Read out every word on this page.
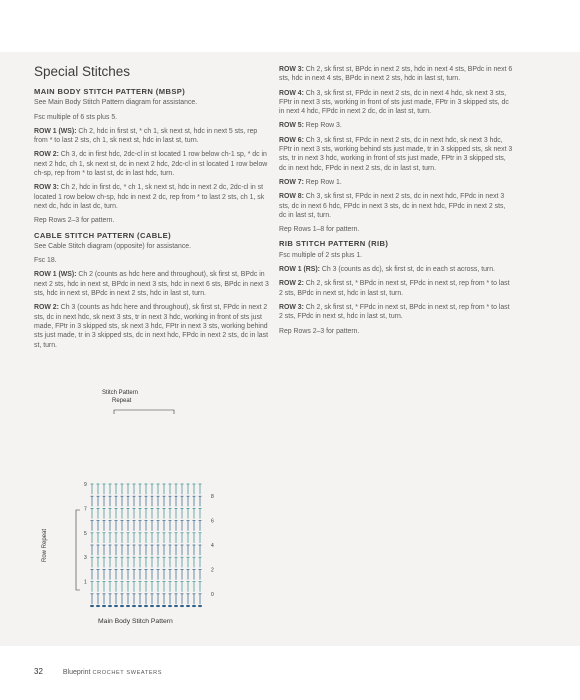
Special Stitches
MAIN BODY STITCH PATTERN (MBSP)
See Main Body Stitch Pattern diagram for assistance.
Fsc multiple of 6 sts plus 5.
ROW 1 (WS): Ch 2, hdc in first st, * ch 1, sk next st, hdc in next 5 sts, rep from * to last 2 sts, ch 1, sk next st, hdc in last st, turn.
ROW 2: Ch 3, dc in first hdc, 2dc-cl in st located 1 row below ch-1 sp, * dc in next 2 hdc, ch 1, sk next st, dc in next 2 hdc, 2dc-cl in st located 1 row below ch-sp, rep from * to last st, dc in last hdc, turn.
ROW 3: Ch 2, hdc in first dc, * ch 1, sk next st, hdc in next 2 dc, 2dc-cl in st located 1 row below ch-sp, hdc in next 2 dc, rep from * to last 2 sts, ch 1, sk next dc, hdc in last dc, turn.
Rep Rows 2–3 for pattern.
CABLE STITCH PATTERN (CABLE)
See Cable Stitch diagram (opposite) for assistance.
Fsc 18.
ROW 1 (WS): Ch 2 (counts as hdc here and throughout), sk first st, BPdc in next 2 sts, hdc in next st, BPdc in next 3 sts, hdc in next 6 sts, BPdc in next 3 sts, hdc in next st, BPdc in next 2 sts, hdc in last st, turn.
ROW 2: Ch 3 (counts as hdc here and throughout), sk first st, FPdc in next 2 sts, dc in next hdc, sk next 3 sts, tr in next 3 hdc, working in front of sts just made, FPtr in 3 skipped sts, sk next 3 hdc, FPtr in next 3 sts, working behind sts just made, tr in 3 skipped sts, dc in next hdc, FPdc in next 2 sts, dc in last st, turn.
ROW 3: Ch 2, sk first st, BPdc in next 2 sts, hdc in next 4 sts, BPdc in next 6 sts, hdc in next 4 sts, BPdc in next 2 sts, hdc in last st, turn.
ROW 4: Ch 3, sk first st, FPdc in next 2 sts, dc in next 4 hdc, sk next 3 sts, FPtr in next 3 sts, working in front of sts just made, FPtr in 3 skipped sts, dc in next 4 hdc, FPdc in next 2 dc, dc in last st, turn.
ROW 5: Rep Row 3.
ROW 6: Ch 3, sk first st, FPdc in next 2 sts, dc in next hdc, sk next 3 hdc, FPtr in next 3 sts, working behind sts just made, tr in 3 skipped sts, sk next 3 sts, tr in next 3 hdc, working in front of sts just made, FPtr in 3 skipped sts, dc in next hdc, FPdc in next 2 sts, dc in last st, turn.
ROW 7: Rep Row 1.
ROW 8: Ch 3, sk first st, FPdc in next 2 sts, dc in next hdc, FPdc in next 3 sts, dc in next 6 hdc, FPdc in next 3 sts, dc in next hdc, FPdc in next 2 sts, dc in last st, turn.
Rep Rows 1–8 for pattern.
RIB STITCH PATTERN (RIB)
Fsc multiple of 2 sts plus 1.
ROW 1 (RS): Ch 3 (counts as dc), sk first st, dc in each st across, turn.
ROW 2: Ch 2, sk first st, * BPdc in next st, FPdc in next st, rep from * to last 2 sts, BPdc in next st, hdc in last st, turn.
ROW 3: Ch 2, sk first st, * FPdc in next st, BPdc in next st, rep from * to last 2 sts, FPdc in next st, hdc in last st, turn.
Rep Rows 2–3 for pattern.
Stitch Pattern
Repeat
9
7
5
3
1
8
6
4
2
0
Row Repeat
Main Body Stitch Pattern
32	Blueprint CROCHET SWEATERS
